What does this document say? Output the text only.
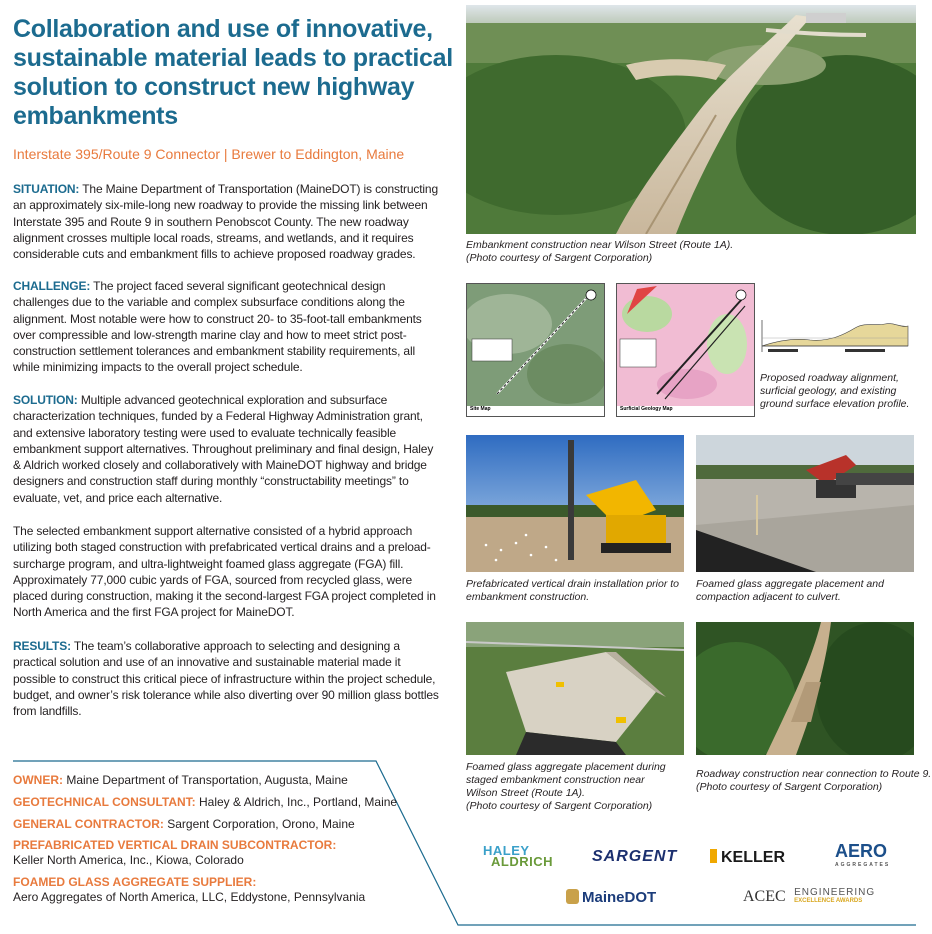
Collaboration and use of innovative, sustainable material leads to practical solution to construct new highway embankments
Interstate 395/Route 9 Connector | Brewer to Eddington, Maine

SITUATION: The Maine Department of Transportation (MaineDOT) is constructing an approximately six-mile-long new roadway to provide the missing link between Interstate 395 and Route 9 in southern Penobscot County. The new roadway alignment crosses multiple local roads, streams, and wetlands, and it requires considerable cuts and embankment fills to achieve proposed roadway grades.

CHALLENGE: The project faced several significant geotechnical design challenges due to the variable and complex subsurface conditions along the alignment. Most notable were how to construct 20- to 35-foot-tall embankments over compressible and low-strength marine clay and how to meet strict post-construction settlement tolerances and embankment stability requirements, all while minimizing impacts to the overall project schedule.

SOLUTION: Multiple advanced geotechnical exploration and subsurface characterization techniques, funded by a Federal Highway Administration grant, and extensive laboratory testing were used to evaluate technically feasible embankment support alternatives. Throughout preliminary and final design, Haley & Aldrich worked closely and collaboratively with MaineDOT highway and bridge designers and construction staff during monthly “constructability meetings” to evaluate, vet, and price each alternative.

The selected embankment support alternative consisted of a hybrid approach utilizing both staged construction with prefabricated vertical drains and a preload-surcharge program, and ultra-lightweight foamed glass aggregate (FGA) fill. Approximately 77,000 cubic yards of FGA, sourced from recycled glass, were placed during construction, making it the second-largest FGA project completed in North America and the first FGA project for MaineDOT.

RESULTS: The team’s collaborative approach to selecting and designing a practical solution and use of an innovative and sustainable material made it possible to construct this critical piece of infrastructure within the project schedule, budget, and owner’s risk tolerance while also diverting over 90 million glass bottles from landfills.

OWNER: Maine Department of Transportation, Augusta, Maine
GEOTECHNICAL CONSULTANT: Haley & Aldrich, Inc., Portland, Maine
GENERAL CONTRACTOR: Sargent Corporation, Orono, Maine
PREFABRICATED VERTICAL DRAIN SUBCONTRACTOR:
Keller North America, Inc., Kiowa, Colorado
FOAMED GLASS AGGREGATE SUPPLIER:
Aero Aggregates of North America, LLC, Eddystone, Pennsylvania
Embankment construction near Wilson Street (Route 1A).
(Photo courtesy of Sargent Corporation)
Site Map	Surficial Geology Map
Proposed roadway alignment,
surficial geology, and existing
ground surface elevation profile.
Prefabricated vertical drain installation prior to
embankment construction.
Foamed glass aggregate placement and
compaction adjacent to culvert.
Foamed glass aggregate placement during
staged embankment construction near
Wilson Street (Route 1A).
(Photo courtesy of Sargent Corporation)
Roadway construction near connection to Route 9.
(Photo courtesy of Sargent Corporation)
HALEY
ALDRICH SARGENT	KELLER	AERO
AGGREGATES
MaineDOT	ACEC ENGINEERING
EXCELLENCE AWARDS
